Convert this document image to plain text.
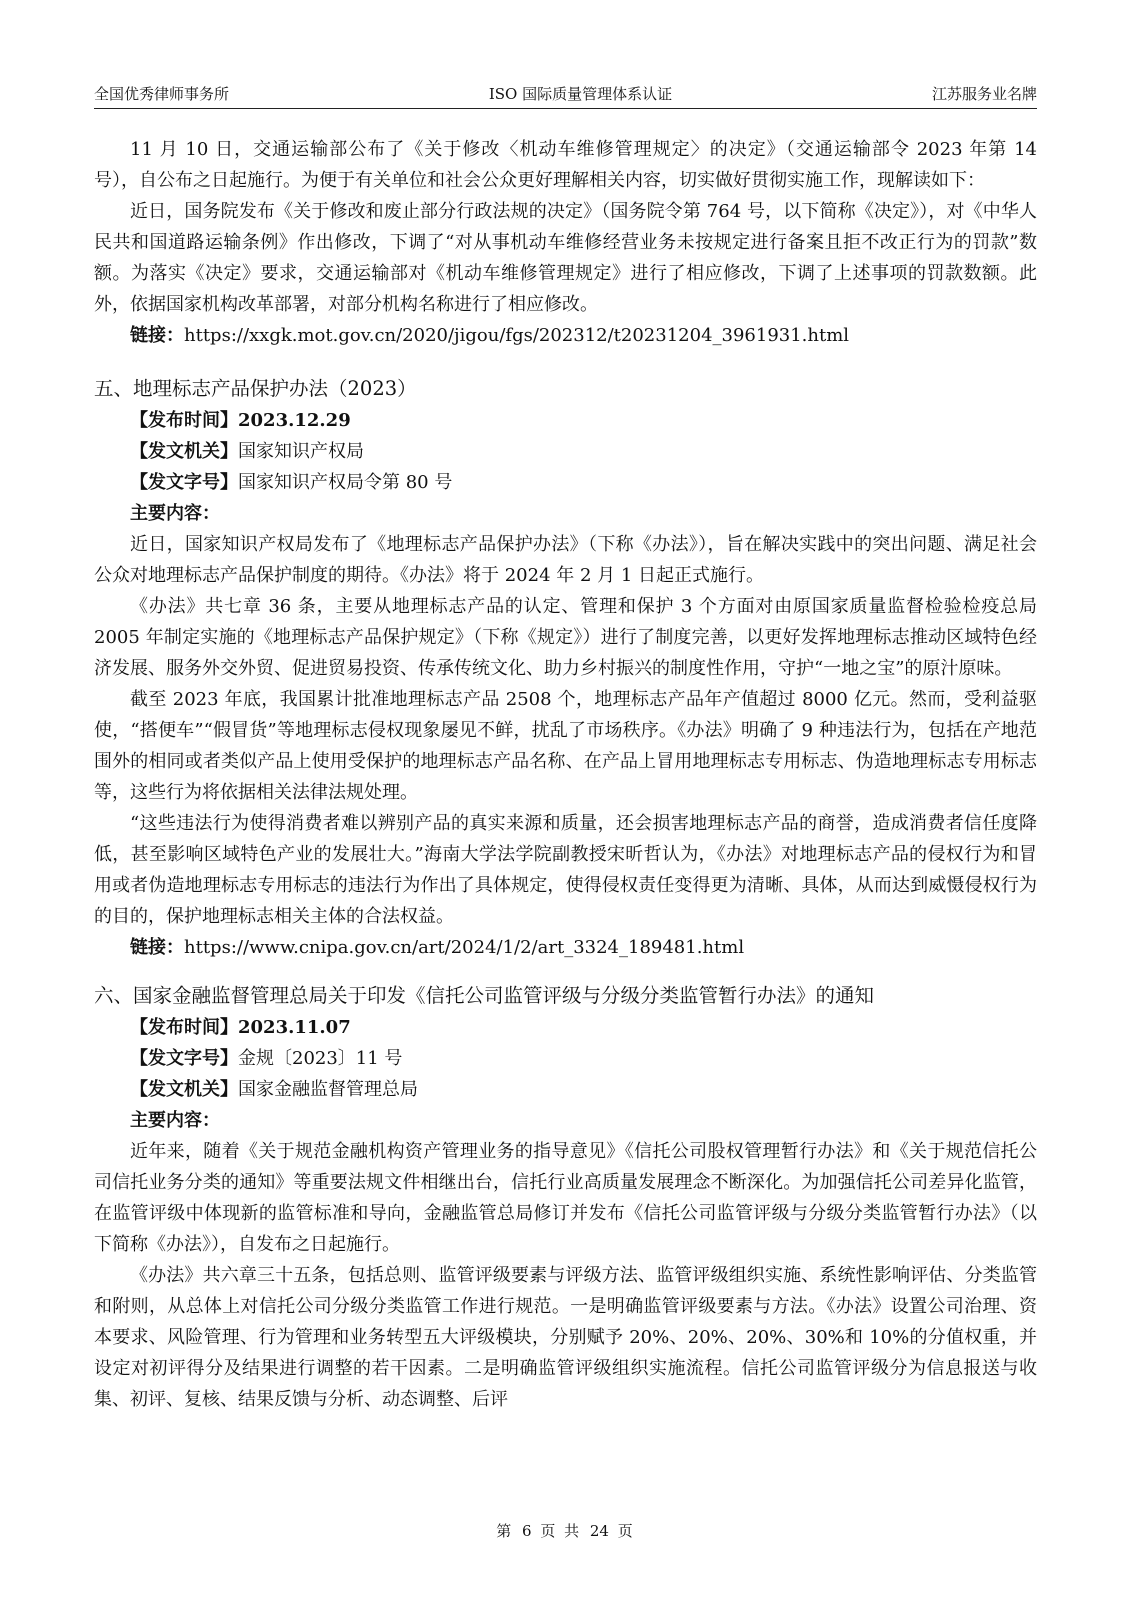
全国优秀律师事务所	ISO 国际质量管理体系认证	江苏服务业名牌

11 月 10 日，交通运输部公布了《关于修改〈机动车维修管理规定〉的决定》（交通运输部令 2023 年第 14 号），自公布之日起施行。为便于有关单位和社会公众更好理解相关内容，切实做好贯彻实施工作，现解读如下：

近日，国务院发布《关于修改和废止部分行政法规的决定》（国务院令第 764 号，以下简称《决定》），对《中华人民共和国道路运输条例》作出修改，下调了“对从事机动车维修经营业务未按规定进行备案且拒不改正行为的罚款”数额。为落实《决定》要求，交通运输部对《机动车维修管理规定》进行了相应修改，下调了上述事项的罚款数额。此外，依据国家机构改革部署，对部分机构名称进行了相应修改。

链接：https://xxgk.mot.gov.cn/2020/jigou/fgs/202312/t20231204_3961931.html

五、地理标志产品保护办法（2023）

【发布时间】2023.12.29
【发文机关】国家知识产权局
【发文字号】国家知识产权局令第 80 号

主要内容：

近日，国家知识产权局发布了《地理标志产品保护办法》（下称《办法》），旨在解决实践中的突出问题、满足社会公众对地理标志产品保护制度的期待。《办法》将于 2024 年 2 月 1 日起正式施行。

《办法》共七章 36 条，主要从地理标志产品的认定、管理和保护 3 个方面对由原国家质量监督检验检疫总局 2005 年制定实施的《地理标志产品保护规定》（下称《规定》）进行了制度完善，以更好发挥地理标志推动区域特色经济发展、服务外交外贸、促进贸易投资、传承传统文化、助力乡村振兴的制度性作用，守护“一地之宝”的原汁原味。

截至 2023 年底，我国累计批准地理标志产品 2508 个，地理标志产品年产值超过 8000 亿元。然而，受利益驱使，“搭便车”“假冒货”等地理标志侵权现象屡见不鲜，扰乱了市场秩序。《办法》明确了 9 种违法行为，包括在产地范围外的相同或者类似产品上使用受保护的地理标志产品名称、在产品上冒用地理标志专用标志、伪造地理标志专用标志等，这些行为将依据相关法律法规处理。

“这些违法行为使得消费者难以辨别产品的真实来源和质量，还会损害地理标志产品的商誉，造成消费者信任度降低，甚至影响区域特色产业的发展壮大。”海南大学法学院副教授宋昕哲认为，《办法》对地理标志产品的侵权行为和冒用或者伪造地理标志专用标志的违法行为作出了具体规定，使得侵权责任变得更为清晰、具体，从而达到威慑侵权行为的目的，保护地理标志相关主体的合法权益。

链接：https://www.cnipa.gov.cn/art/2024/1/2/art_3324_189481.html

六、国家金融监督管理总局关于印发《信托公司监管评级与分级分类监管暂行办法》的通知

【发布时间】2023.11.07
【发文字号】金规〔2023〕11 号
【发文机关】国家金融监督管理总局

主要内容：

近年来，随着《关于规范金融机构资产管理业务的指导意见》《信托公司股权管理暂行办法》和《关于规范信托公司信托业务分类的通知》等重要法规文件相继出台，信托行业高质量发展理念不断深化。为加强信托公司差异化监管，在监管评级中体现新的监管标准和导向，金融监管总局修订并发布《信托公司监管评级与分级分类监管暂行办法》（以下简称《办法》），自发布之日起施行。

《办法》共六章三十五条，包括总则、监管评级要素与评级方法、监管评级组织实施、系统性影响评估、分类监管和附则，从总体上对信托公司分级分类监管工作进行规范。一是明确监管评级要素与方法。《办法》设置公司治理、资本要求、风险管理、行为管理和业务转型五大评级模块，分别赋予 20%、20%、20%、30%和 10%的分值权重，并设定对初评得分及结果进行调整的若干因素。二是明确监管评级组织实施流程。信托公司监管评级分为信息报送与收集、初评、复核、结果反馈与分析、动态调整、后评

第 6 页 共 24 页
